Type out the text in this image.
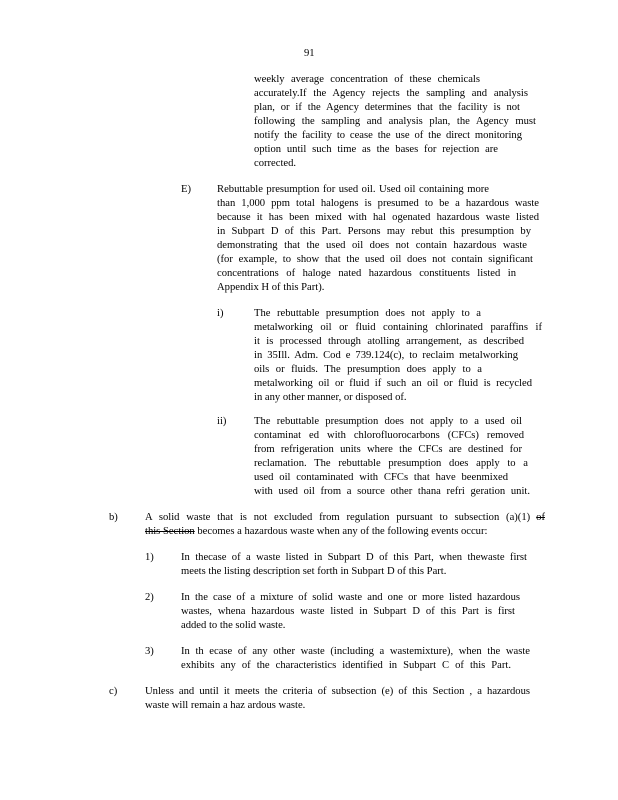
91
weekly average concentration of these chemicals
accurately.If the Agency rejects the sampling and analysis
plan, or if the Agency determines that the facility is not
following the sampling and analysis plan, the Agency must
notify the facility to cease the use of the direct monitoring
option until such time as the bases for rejection are
corrected.
E) Rebuttable presumption for used oil. Used oil containing more
than 1,000 ppm total halogens is presumed to be a hazardous waste
because it has been mixed with hal ogenated hazardous waste listed
in Subpart D of this Part. Persons may rebut this presumption by
demonstrating that the used oil does not contain hazardous waste
(for example, to show that the used oil does not contain significant
concentrations of haloge nated hazardous constituents listed in
Appendix H of this Part).
i)	The rebuttable presumption does not apply to a
metalworking oil or fluid containing chlorinated paraffins if
it is processed through atolling arrangement, as described
in 35Ill. Adm. Cod e 739.124(c), to reclaim metalworking
oils or fluids. The presumption does apply to a
metalworking oil or fluid if such an oil or fluid is recycled
in any other manner, or disposed of.
ii)	The rebuttable presumption does not apply to a used oil
contaminat ed with chlorofluorocarbons (CFCs) removed
from refrigeration units where the CFCs are destined for
reclamation. The rebuttable presumption does apply to a
used oil contaminated with CFCs that have beenmixed
with used oil from a source other thana refri geration unit.
b)	A solid waste that is not excluded from regulation pursuant to subsection (a)(1) of
this Section becomes a hazardous waste when any of the following events occur:
1)	In thecase of a waste listed in Subpart D of this Part, when thewaste first
meets the listing description set forth in Subpart D of this Part.
2)	In the case of a mixture of solid waste and one or more listed hazardous
wastes, whena hazardous waste listed in Subpart D of this Part is first
added to the solid waste.
3)	In th ecase of any other waste (including a wastemixture), when the waste
exhibits any of the characteristics identified in Subpart C of this Part.
c)	Unless and until it meets the criteria of subsection (e) of this Section , a hazardous
waste will remain a haz ardous waste.
